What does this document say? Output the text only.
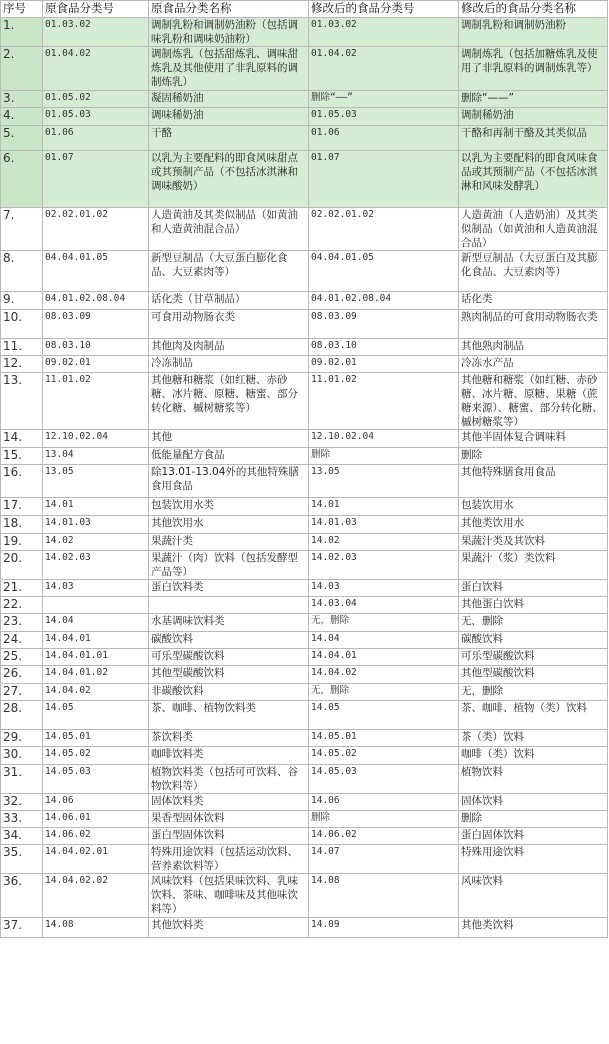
序号	原食品分类号	原食品分类名称	修改后的食品分类号	修改后的食品分类名称
1.	01.03.02	调制乳粉和调制奶油粉（包括调味乳粉和调味奶油粉）	01.03.02	调制乳粉和调制奶油粉
2.	01.04.02	调制炼乳（包括甜炼乳、调味甜炼乳及其他使用了非乳原料的调制炼乳）	01.04.02	调制炼乳（包括加糖炼乳及使用了非乳原料的调制炼乳等）
3.	01.05.02	凝固稀奶油	删除“——”	删除“——”
4.	01.05.03	调味稀奶油	01.05.03	调制稀奶油
5.	01.06	干酪	01.06	干酪和再制干酪及其类似品
6.	01.07	以乳为主要配料的即食风味甜点或其预制产品（不包括冰淇淋和调味酸奶）	01.07	以乳为主要配料的即食风味食品或其预制产品（不包括冰淇淋和风味发酵乳）
7.	02.02.01.02	人造黄油及其类似制品（如黄油和人造黄油混合品）	02.02.01.02	人造黄油（人造奶油）及其类似制品（如黄油和人造黄油混合品）
8.	04.04.01.05	新型豆制品（大豆蛋白膨化食品、大豆素肉等）	04.04.01.05	新型豆制品（大豆蛋白及其膨化食品、大豆素肉等）
9.	04.01.02.08.04	话化类（甘草制品）	04.01.02.08.04	话化类
10.	08.03.09	可食用动物肠衣类	08.03.09	熟肉制品的可食用动物肠衣类
11.	08.03.10	其他肉及肉制品	08.03.10	其他熟肉制品
12.	09.02.01	冷冻制品	09.02.01	冷冻水产品
13.	11.01.02	其他糖和糖浆（如红糖、赤砂糖、冰片糖、原糖、糖蜜、部分转化糖、槭树糖浆等）	11.01.02	其他糖和糖浆（如红糖、赤砂糖、冰片糖、原糖、果糖（蔗糖来源）、糖蜜、部分转化糖、槭树糖浆等）
14.	12.10.02.04	其他	12.10.02.04	其他半固体复合调味料
15.	13.04	低能量配方食品	删除	删除
16.	13.05	除13.01-13.04外的其他特殊膳食用食品	13.05	其他特殊膳食用食品
17.	14.01	包装饮用水类	14.01	包装饮用水
18.	14.01.03	其他饮用水	14.01.03	其他类饮用水
19.	14.02	果蔬汁类	14.02	果蔬汁类及其饮料
20.	14.02.03	果蔬汁（肉）饮料（包括发酵型产品等）	14.02.03	果蔬汁（浆）类饮料
21.	14.03	蛋白饮料类	14.03	蛋白饮料
22.			14.03.04	其他蛋白饮料
23.	14.04	水基调味饮料类	无，删除	无，删除
24.	14.04.01	碳酸饮料	14.04	碳酸饮料
25.	14.04.01.01	可乐型碳酸饮料	14.04.01	可乐型碳酸饮料
26.	14.04.01.02	其他型碳酸饮料	14.04.02	其他型碳酸饮料
27.	14.04.02	非碳酸饮料	无，删除	无，删除
28.	14.05	茶、咖啡、植物饮料类	14.05	茶、咖啡、植物（类）饮料
29.	14.05.01	茶饮料类	14.05.01	茶（类）饮料
30.	14.05.02	咖啡饮料类	14.05.02	咖啡（类）饮料
31.	14.05.03	植物饮料类（包括可可饮料、谷物饮料等）	14.05.03	植物饮料
32.	14.06	固体饮料类	14.06	固体饮料
33.	14.06.01	果香型固体饮料	删除	删除
34.	14.06.02	蛋白型固体饮料	14.06.02	蛋白固体饮料
35.	14.04.02.01	特殊用途饮料（包括运动饮料、营养素饮料等）	14.07	特殊用途饮料
36.	14.04.02.02	风味饮料（包括果味饮料、乳味饮料、茶味、咖啡味及其他味饮料等）	14.08	风味饮料
37.	14.08	其他饮料类	14.09	其他类饮料
